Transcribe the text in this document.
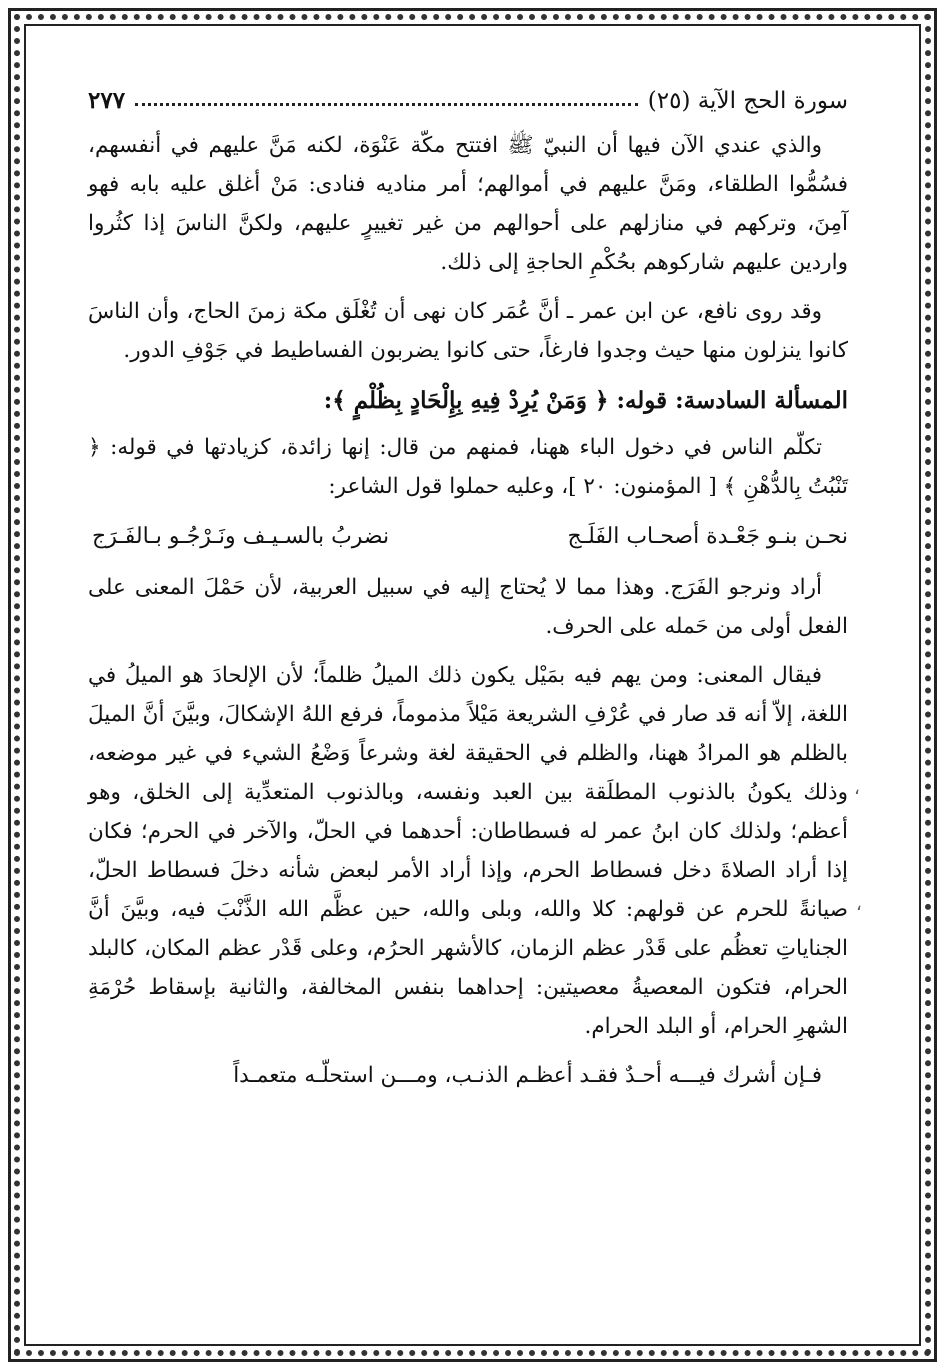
سورة الحج الآية (٢٥)
٢٧٧

والذي عندي الآن فيها أن النبيّ ﷺ افتتح مكّة عَنْوَة، لكنه مَنَّ عليهم في أنفسهم، فسُمُّوا الطلقاء، ومَنَّ عليهم في أموالهم؛ أمر مناديه فنادى: مَنْ أغلق عليه بابه فهو آمِنَ، وتركهم في منازلهم على أحوالهم من غير تغييرٍ عليهم، ولكنَّ الناسَ إذا كثُروا واردين عليهم شاركوهم بحُكْمِ الحاجةِ إلى ذلك.

وقد روى نافع، عن ابن عمر ـ أنَّ عُمَر كان نهى أن تُغْلَق مكة زمنَ الحاج، وأن الناسَ كانوا ينزلون منها حيث وجدوا فارغاً، حتى كانوا يضربون الفساطيط في جَوْفِ الدور.

المسألة السادسة: قوله: ﴿ وَمَنْ يُرِدْ فِيهِ بِإِلْحَادٍ بِظُلْمٍ ﴾:

تكلّم الناس في دخول الباء ههنا، فمنهم من قال: إنها زائدة، كزيادتها في قوله: ﴿ تَنْبُتُ بِالدُّهْنِ ﴾ [ المؤمنون: ٢٠ ]، وعليه حملوا قول الشاعر:

نحـن بنـو جَعْـدة أصحـاب الفَلَـج
نضربُ بالسـيـف ونَـرْجُـو بـالفَـرَج

أراد ونرجو الفَرَج. وهذا مما لا يُحتاج إليه في سبيل العربية، لأن حَمْلَ المعنى على الفعل أولى من حَمله على الحرف.

فيقال المعنى: ومن يهم فيه بمَيْل يكون ذلك الميلُ ظلماً؛ لأن الإلحادَ هو الميلُ في اللغة، إلاّ أنه قد صار في عُرْفِ الشريعة مَيْلاً مذموماً، فرفع اللهُ الإشكالَ، وبيَّنَ أنَّ الميلَ بالظلم هو المرادُ ههنا، والظلم في الحقيقة لغة وشرعاً وَضْعُ الشيء في غير موضعه، وذلك يكونُ بالذنوب المطلَقة بين العبد ونفسه، وبالذنوب المتعدِّية إلى الخلق، وهو أعظم؛ ولذلك كان ابنُ عمر له فسطاطان: أحدهما في الحلّ، والآخر في الحرم؛ فكان إذا أراد الصلاةَ دخل فسطاط الحرم، وإذا أراد الأمر لبعض شأنه دخلَ فسطاط الحلّ، صيانةً للحرم عن قولهم: كلا والله، وبلى والله، حين عظَّم الله الذَّنْبَ فيه، وبيَّنَ أنَّ الجناياتِ تعظُم على قَدْر عظم الزمان، كالأشهر الحرُم، وعلى قَدْر عظم المكان، كالبلد الحرام، فتكون المعصيةُ معصيتين: إحداهما بنفس المخالفة، والثانية بإسقاط حُرْمَةِ الشهرِ الحرام، أو البلد الحرام.

فـإن أشرك فيـــه أحـدٌ فقـد أعظـم الذنـب، ومـــن استحلّـه متعمـداً

،
،
